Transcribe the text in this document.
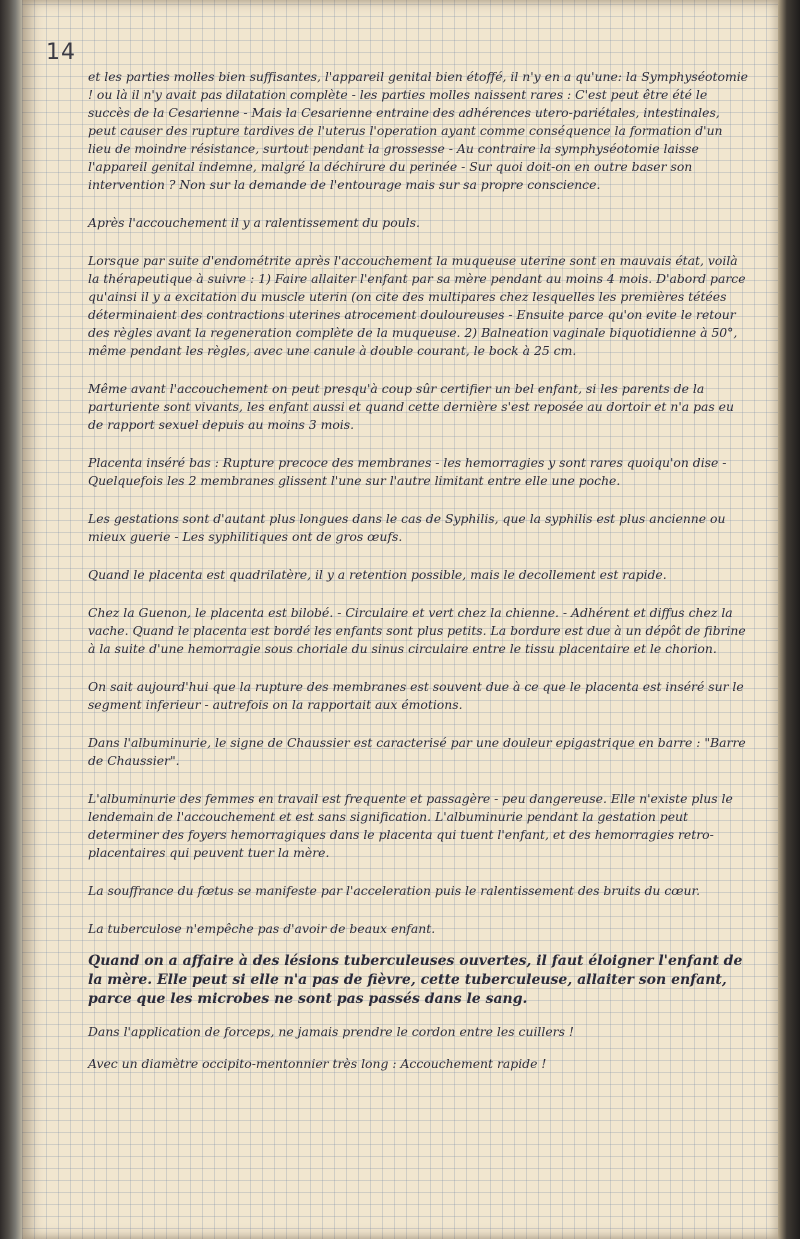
14

et les parties molles bien suffisantes, l'appareil genital bien étoffé, il n'y en a qu'une: la Symphyséotomie ! ou là il n'y avait pas dilatation complète - les parties molles naissent rares : C'est peut être été le succès de la Cesarienne - Mais la Cesarienne entraine des adhérences utero-pariétales, intestinales, peut causer des rupture tardives de l'uterus l'operation ayant comme conséquence la formation d'un lieu de moindre résistance, surtout pendant la grossesse - Au contraire la symphyséotomie laisse l'appareil genital indemne, malgré la déchirure du perinée - Sur quoi doit-on en outre baser son intervention ? Non sur la demande de l'entourage mais sur sa propre conscience.

Après l'accouchement il y a ralentissement du pouls.

Lorsque par suite d'endométrite après l'accouchement la muqueuse uterine sont en mauvais état, voilà la thérapeutique à suivre : 1) Faire allaiter l'enfant par sa mère pendant au moins 4 mois. D'abord parce qu'ainsi il y a excitation du muscle uterin (on cite des multipares chez lesquelles les premières tétées déterminaient des contractions uterines atrocement douloureuses - Ensuite parce qu'on evite le retour des règles avant la regeneration complète de la muqueuse. 2) Balneation vaginale biquotidienne à 50°, même pendant les règles, avec une canule à double courant, le bock à 25 cm.

Même avant l'accouchement on peut presqu'à coup sûr certifier un bel enfant, si les parents de la parturiente sont vivants, les enfant aussi et quand cette dernière s'est reposée au dortoir et n'a pas eu de rapport sexuel depuis au moins 3 mois.

Placenta inséré bas : Rupture precoce des membranes - les hemorragies y sont rares quoiqu'on dise - Quelquefois les 2 membranes glissent l'une sur l'autre limitant entre elle une poche.

Les gestations sont d'autant plus longues dans le cas de Syphilis, que la syphilis est plus ancienne ou mieux guerie - Les syphilitiques ont de gros œufs.

Quand le placenta est quadrilatère, il y a retention possible, mais le decollement est rapide.

Chez la Guenon, le placenta est bilobé. - Circulaire et vert chez la chienne. - Adhérent et diffus chez la vache. Quand le placenta est bordé les enfants sont plus petits. La bordure est due à un dépôt de fibrine à la suite d'une hemorragie sous choriale du sinus circulaire entre le tissu placentaire et le chorion.

On sait aujourd'hui que la rupture des membranes est souvent due à ce que le placenta est inséré sur le segment inferieur - autrefois on la rapportait aux émotions.

Dans l'albuminurie, le signe de Chaussier est caracterisé par une douleur epigastrique en barre : "Barre de Chaussier".

L'albuminurie des femmes en travail est frequente et passagère - peu dangereuse. Elle n'existe plus le lendemain de l'accouchement et est sans signification. L'albuminurie pendant la gestation peut determiner des foyers hemorragiques dans le placenta qui tuent l'enfant, et des hemorragies retro-placentaires qui peuvent tuer la mère.

La souffrance du fœtus se manifeste par l'acceleration puis le ralentissement des bruits du cœur.

La tuberculose n'empêche pas d'avoir de beaux enfant.

Quand on a affaire à des lésions tuberculeuses ouvertes, il faut éloigner l'enfant de la mère. Elle peut si elle n'a pas de fièvre, cette tuberculeuse, allaiter son enfant, parce que les microbes ne sont pas passés dans le sang.

Dans l'application de forceps, ne jamais prendre le cordon entre les cuillers !

Avec un diamètre occipito-mentonnier très long : Accouchement rapide !
